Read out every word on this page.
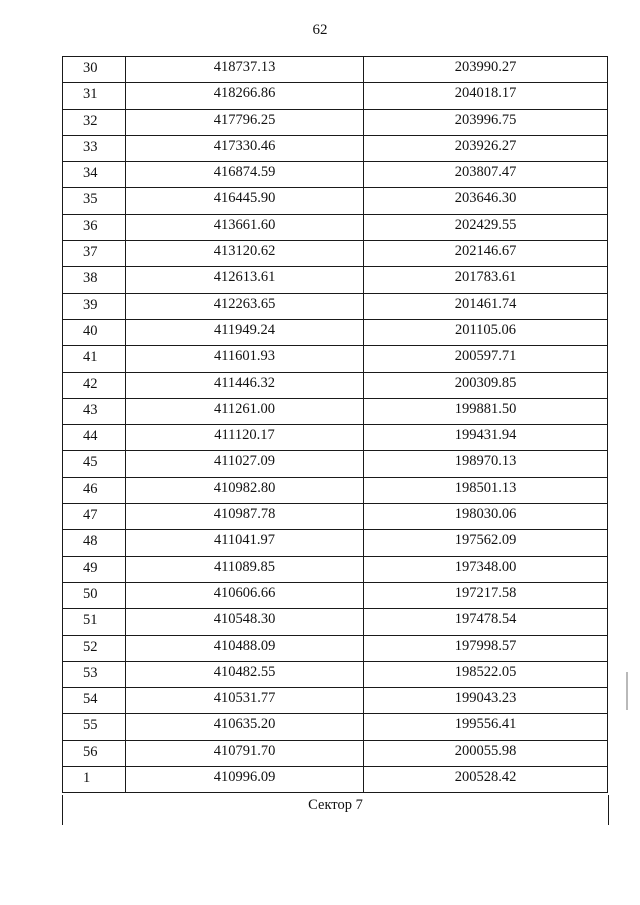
62
30	418737.13	203990.27
31	418266.86	204018.17
32	417796.25	203996.75
33	417330.46	203926.27
34	416874.59	203807.47
35	416445.90	203646.30
36	413661.60	202429.55
37	413120.62	202146.67
38	412613.61	201783.61
39	412263.65	201461.74
40	411949.24	201105.06
41	411601.93	200597.71
42	411446.32	200309.85
43	411261.00	199881.50
44	411120.17	199431.94
45	411027.09	198970.13
46	410982.80	198501.13
47	410987.78	198030.06
48	411041.97	197562.09
49	411089.85	197348.00
50	410606.66	197217.58
51	410548.30	197478.54
52	410488.09	197998.57
53	410482.55	198522.05
54	410531.77	199043.23
55	410635.20	199556.41
56	410791.70	200055.98
1	410996.09	200528.42
Сектор 7
